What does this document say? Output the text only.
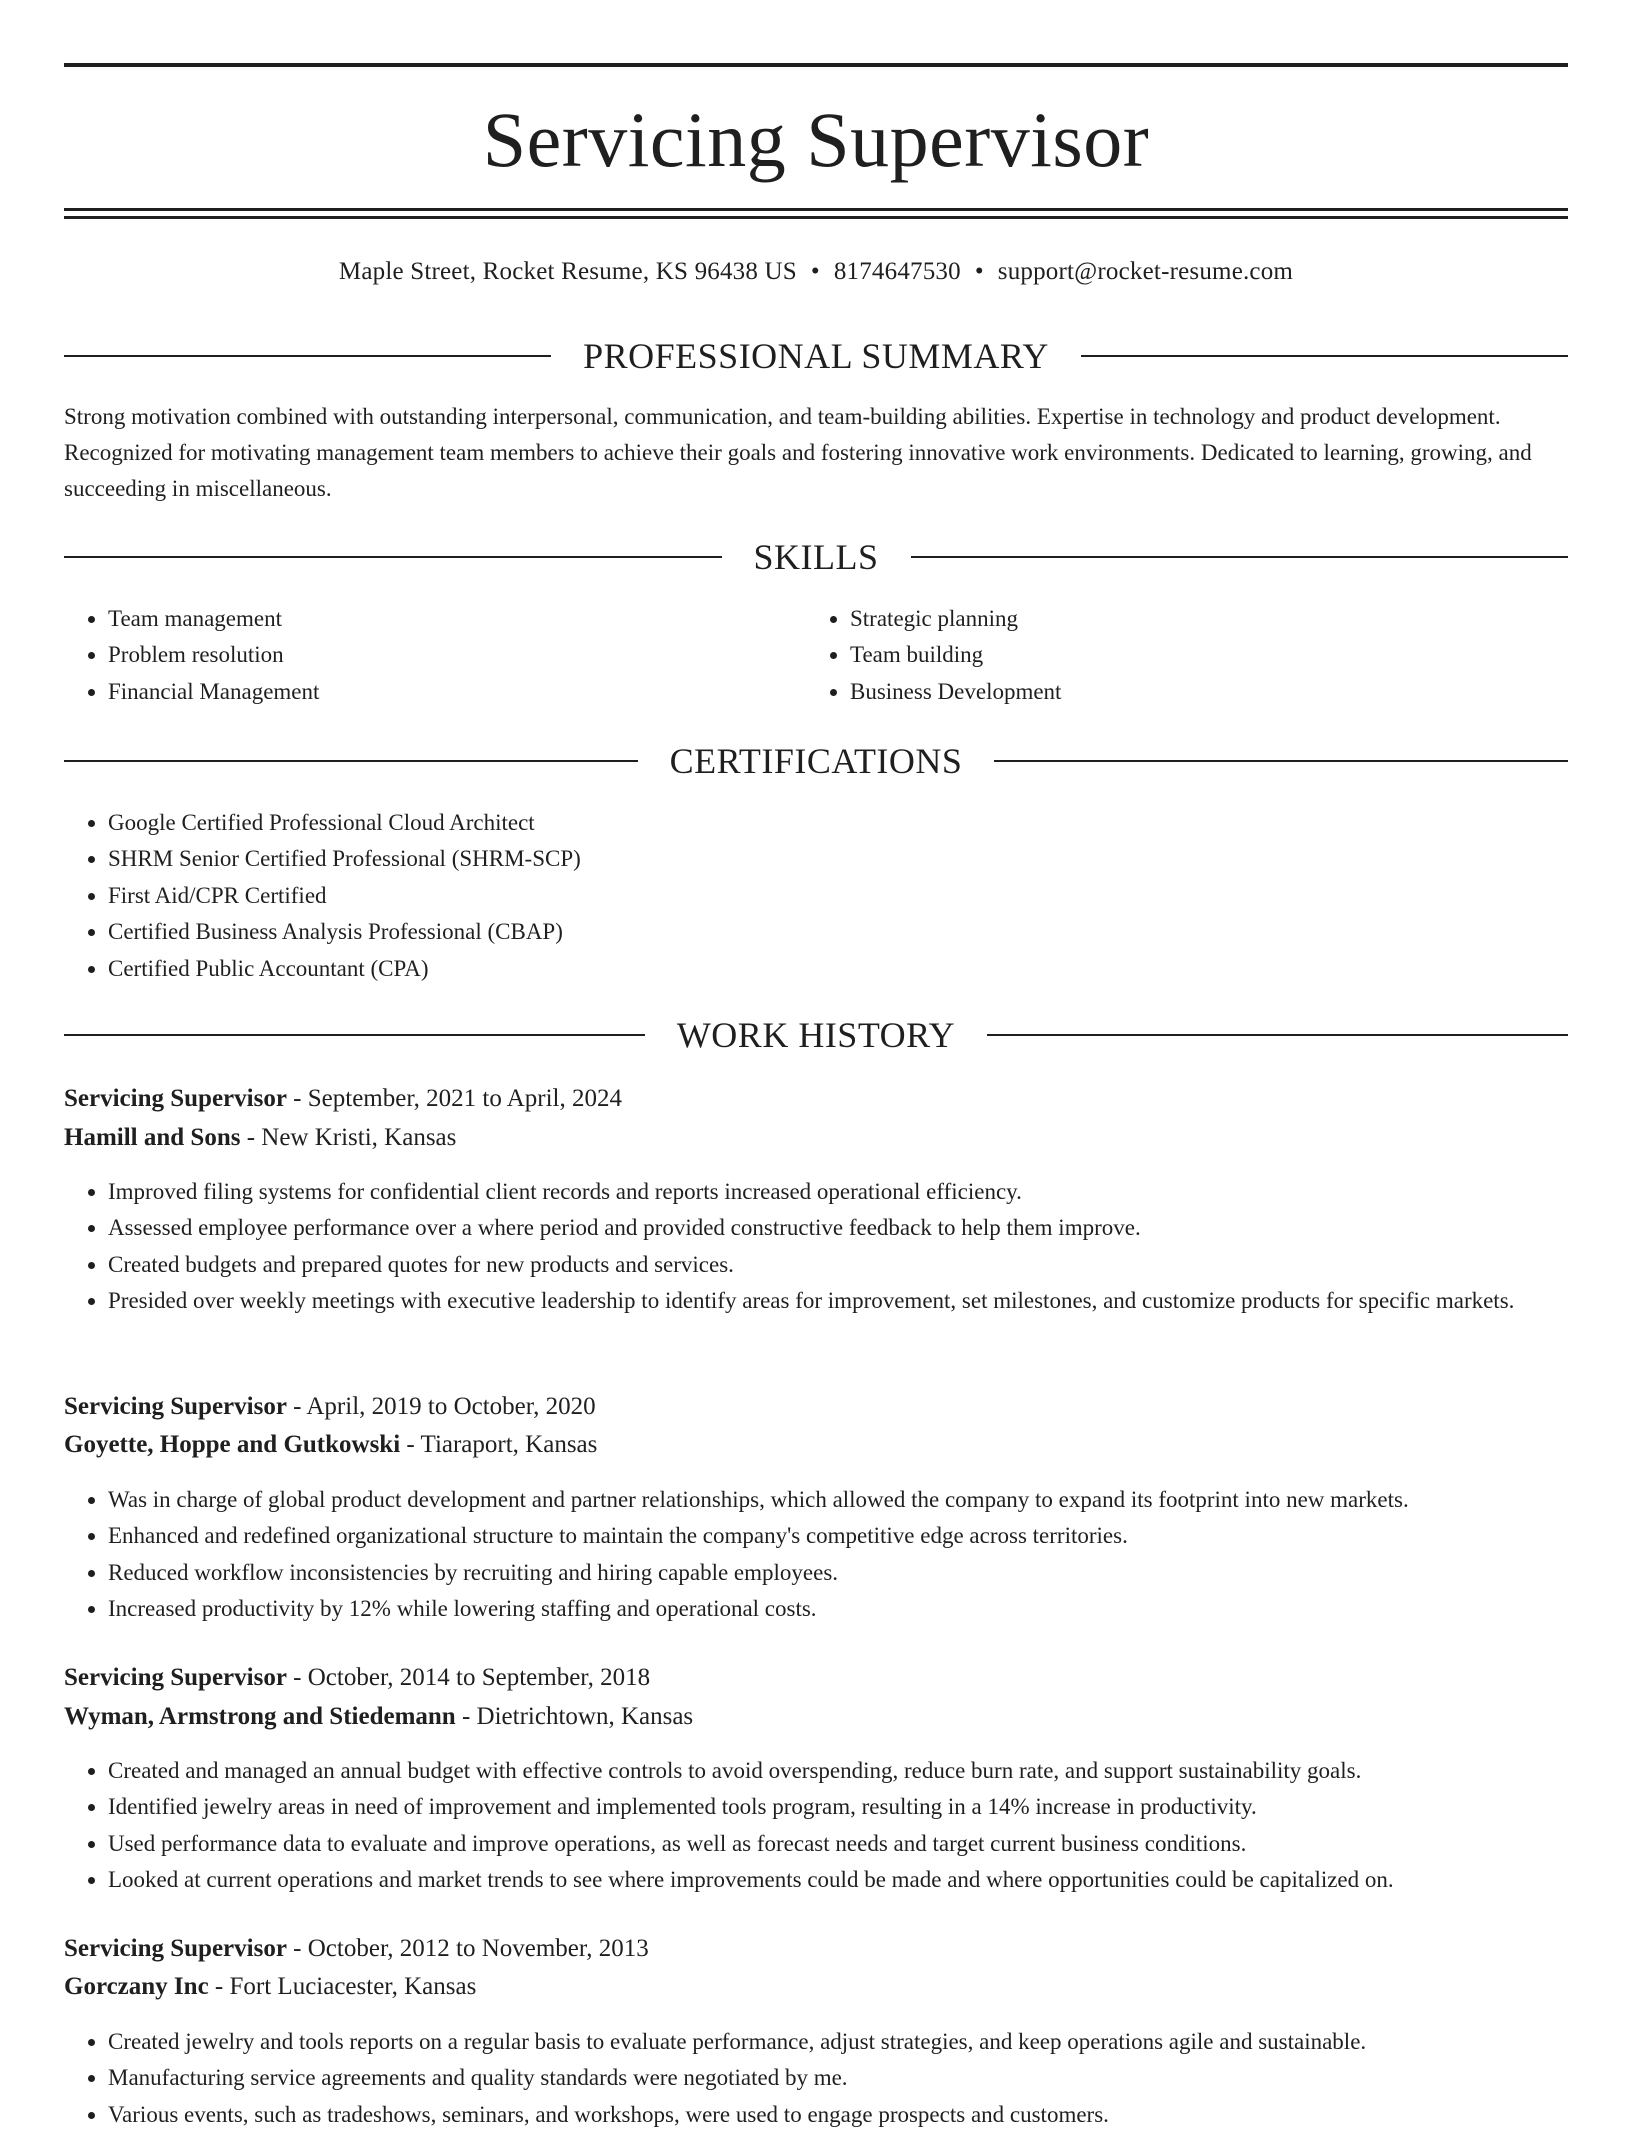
Servicing Supervisor
Maple Street, Rocket Resume, KS 96438 US • 8174647530 • support@rocket-resume.com
PROFESSIONAL SUMMARY

Strong motivation combined with outstanding interpersonal, communication, and team-building abilities. Expertise in technology and product development. Recognized for motivating management team members to achieve their goals and fostering innovative work environments. Dedicated to learning, growing, and succeeding in miscellaneous.

SKILLS
• Team management
• Problem resolution
• Financial Management
• Strategic planning
• Team building
• Business Development
CERTIFICATIONS
• Google Certified Professional Cloud Architect
• SHRM Senior Certified Professional (SHRM-SCP)
• First Aid/CPR Certified
• Certified Business Analysis Professional (CBAP)
• Certified Public Accountant (CPA)
WORK HISTORY
Servicing Supervisor - September, 2021 to April, 2024
Hamill and Sons - New Kristi, Kansas
• Improved filing systems for confidential client records and reports increased operational efficiency.
• Assessed employee performance over a where period and provided constructive feedback to help them improve.
• Created budgets and prepared quotes for new products and services.
• Presided over weekly meetings with executive leadership to identify areas for improvement, set milestones, and customize products for specific markets.
Servicing Supervisor - April, 2019 to October, 2020
Goyette, Hoppe and Gutkowski - Tiaraport, Kansas
• Was in charge of global product development and partner relationships, which allowed the company to expand its footprint into new markets.
• Enhanced and redefined organizational structure to maintain the company's competitive edge across territories.
• Reduced workflow inconsistencies by recruiting and hiring capable employees.
• Increased productivity by 12% while lowering staffing and operational costs.
Servicing Supervisor - October, 2014 to September, 2018
Wyman, Armstrong and Stiedemann - Dietrichtown, Kansas
• Created and managed an annual budget with effective controls to avoid overspending, reduce burn rate, and support sustainability goals.
• Identified jewelry areas in need of improvement and implemented tools program, resulting in a 14% increase in productivity.
• Used performance data to evaluate and improve operations, as well as forecast needs and target current business conditions.
• Looked at current operations and market trends to see where improvements could be made and where opportunities could be capitalized on.
Servicing Supervisor - October, 2012 to November, 2013
Gorczany Inc - Fort Luciacester, Kansas
• Created jewelry and tools reports on a regular basis to evaluate performance, adjust strategies, and keep operations agile and sustainable.
• Manufacturing service agreements and quality standards were negotiated by me.
• Various events, such as tradeshows, seminars, and workshops, were used to engage prospects and customers.
